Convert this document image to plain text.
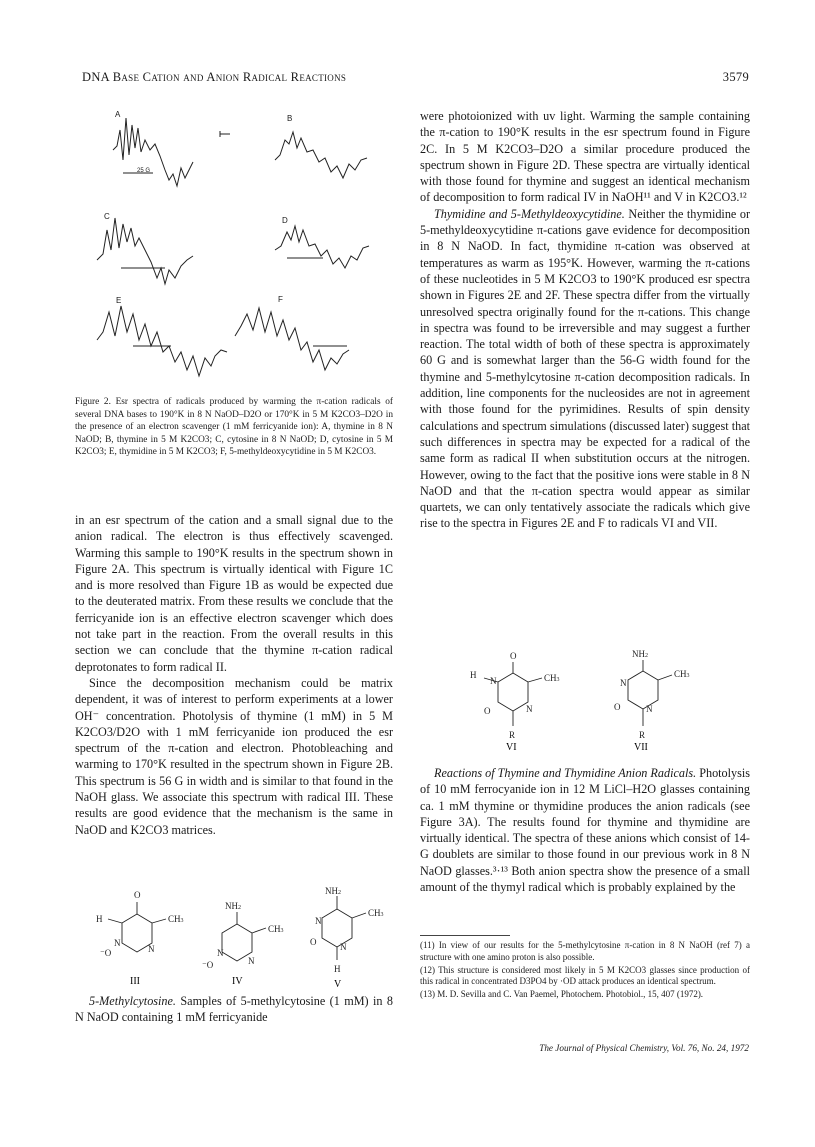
DNA Base Cation and Anion Radical Reactions	3579
A	B
C	D
E	F
25 G
Figure 2. Esr spectra of radicals produced by warming the π-cation radicals of several DNA bases to 190°K in 8 N NaOD–D2O or 170°K in 5 M K2CO3–D2O in the presence of an electron scavenger (1 mM ferricyanide ion): A, thymine in 8 N NaOD; B, thymine in 5 M K2CO3; C, cytosine in 8 N NaOD; D, cytosine in 5 M K2CO3; E, thymidine in 5 M K2CO3; F, 5-methyldeoxycytidine in 5 M K2CO3.

in an esr spectrum of the cation and a small signal due to the anion radical. The electron is thus effectively scavenged. Warming this sample to 190°K results in the spectrum shown in Figure 2A. This spectrum is virtually identical with Figure 1C and is more resolved than Figure 1B as would be expected due to the deuterated matrix. From these results we conclude that the ferricyanide ion is an effective electron scavenger which does not take part in the reaction. From the overall results in this section we can conclude that the thymine π-cation radical deprotonates to form radical II.

Since the decomposition mechanism could be matrix dependent, it was of interest to perform experiments at a lower OH⁻ concentration. Photolysis of thymine (1 mM) in 5 M K2CO3/D2O with 1 mM ferricyanide ion produced the esr spectrum of the π-cation and electron. Photobleaching and warming to 170°K resulted in the spectrum shown in Figure 2B. This spectrum is 56 G in width and is similar to that found in the NaOH glass. We associate this spectrum with radical III. These results are good evidence that the mechanism is the same in NaOD and K2CO3 matrices.

O
CH3
H
N
N
⁻O
NH2
CH3
N
N
⁻O
NH2
CH3
N
N
O
H
III	IV	V

5-Methylcytosine. Samples of 5-methylcytosine (1 mM) in 8 N NaOD containing 1 mM ferricyanide

were photoionized with uv light. Warming the sample containing the π-cation to 190°K results in the esr spectrum found in Figure 2C. In 5 M K2CO3–D2O a similar procedure produced the spectrum shown in Figure 2D. These spectra are virtually identical with those found for thymine and suggest an identical mechanism of decomposition to form radical IV in NaOH¹¹ and V in K2CO3.¹²

Thymidine and 5-Methyldeoxycytidine. Neither the thymidine or 5-methyldeoxycytidine π-cations gave evidence for decomposition in 8 N NaOD. In fact, thymidine π-cation was observed at temperatures as warm as 195°K. However, warming the π-cations of these nucleotides in 5 M K2CO3 to 190°K produced esr spectra shown in Figures 2E and 2F. These spectra differ from the virtually unresolved spectra originally found for the π-cations. This change in spectra was found to be irreversible and may suggest a further reaction. The total width of both of these spectra is approximately 60 G and is somewhat larger than the 56-G width found for the thymine and 5-methylcytosine π-cation decomposition radicals. In addition, line components for the nucleosides are not in agreement with those found for the pyrimidines. Results of spin density calculations and spectrum simulations (discussed later) suggest that such differences in spectra may be expected for a radical of the same form as radical II when substitution occurs at the nitrogen. However, owing to the fact that the positive ions were stable in 8 N NaOD and that the π-cation spectra would appear as similar quartets, we can only tentatively associate the radicals which give rise to the spectra in Figures 2E and F to radicals VI and VII.

O
CH3
H
N
N
O
R
NH2
CH3
N
N
O
R
VI	VII

Reactions of Thymine and Thymidine Anion Radicals. Photolysis of 10 mM ferrocyanide ion in 12 M LiCl–H2O glasses containing ca. 1 mM thymine or thymidine produces the anion radicals (see Figure 3A). The results found for thymine and thymidine are virtually identical. The spectra of these anions which consist of 14-G doublets are similar to those found in our previous work in 8 N NaOD glasses.³·¹³ Both anion spectra show the presence of a small amount of the thymyl radical which is probably explained by the

(11) In view of our results for the 5-methylcytosine π-cation in 8 N NaOH (ref 7) a structure with one amino proton is also possible.

(12) This structure is considered most likely in 5 M K2CO3 glasses since production of this radical in concentrated D3PO4 by ·OD attack produces an identical spectrum.

(13) M. D. Sevilla and C. Van Paemel, Photochem. Photobiol., 15, 407 (1972).

The Journal of Physical Chemistry, Vol. 76, No. 24, 1972
